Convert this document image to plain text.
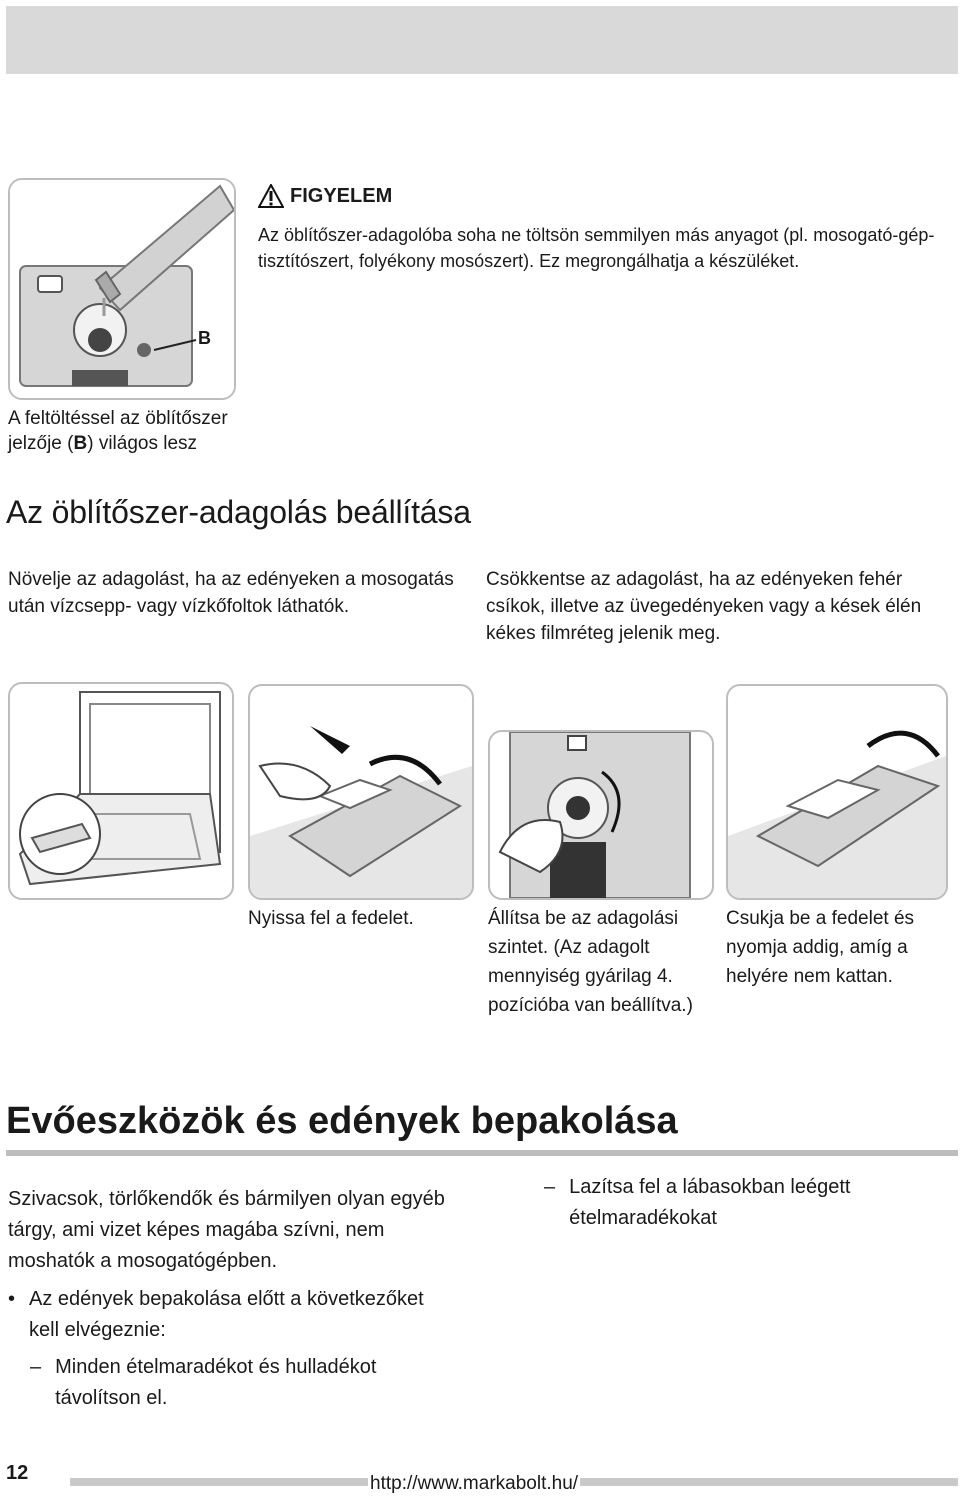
B
FIGYELEM
Az öblítőszer-adagolóba soha ne töltsön semmilyen más anyagot (pl. mosogató-gép-tisztítószert, folyékony mosószert). Ez megrongálhatja a készüléket.
A feltöltéssel az öblítőszer
jelzője (B) világos lesz
Az öblítőszer-adagolás beállítása
Növelje az adagolást, ha az edényeken a mosogatás után vízcsepp- vagy vízkőfoltok láthatók.
Csökkentse az adagolást, ha az edényeken fehér csíkok, illetve az üvegedényeken vagy a kések élén kékes filmréteg jelenik meg.
Nyissa fel a fedelet.	Állítsa be az adagolási szintet. (Az adagolt mennyiség gyárilag 4. pozícióba van beállítva.)
Csukja be a fedelet és nyomja addig, amíg a helyére nem kattan.
Evőeszközök és edények bepakolása
Szivacsok, törlőkendők és bármilyen olyan egyéb tárgy, ami vizet képes magába szívni, nem moshatók a mosogatógépben.
• Az edények bepakolása előtt a következőket kell elvégeznie:
– Minden ételmaradékot és hulladékot távolítson el.
– Lazítsa fel a lábasokban leégett ételmaradékokat
12	http://www.markabolt.hu/
